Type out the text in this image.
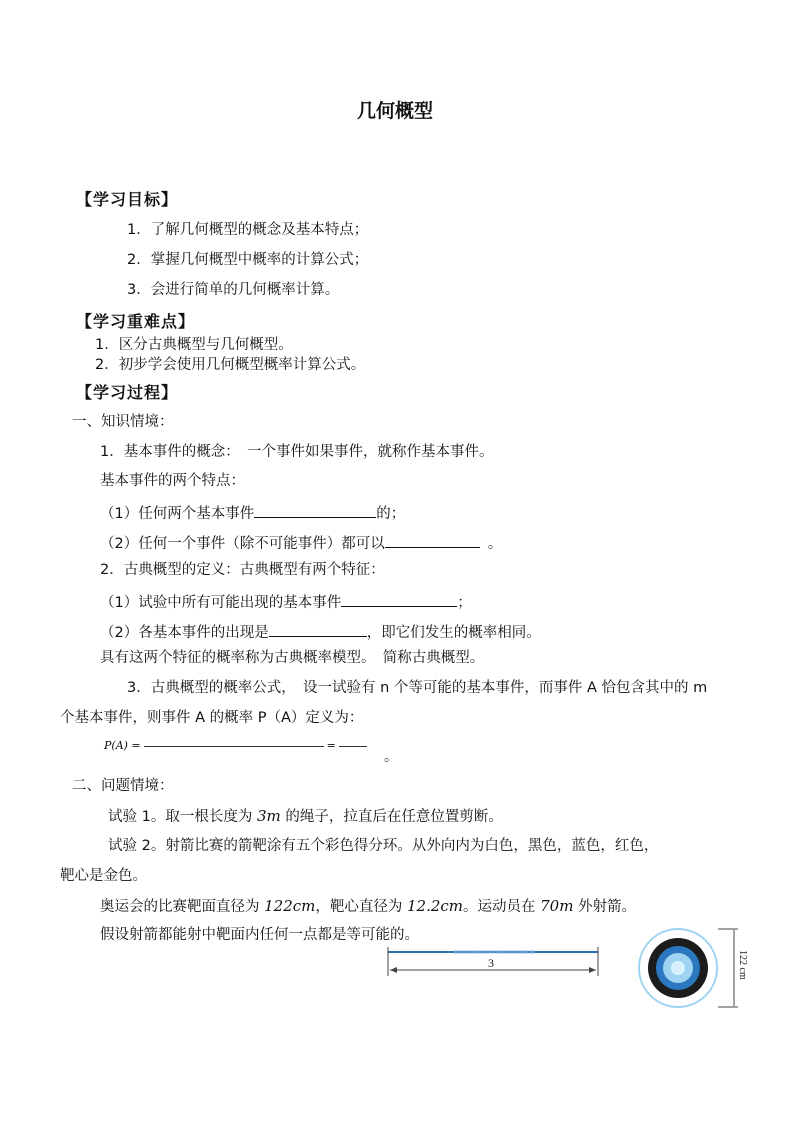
几何概型
【学习目标】
1．了解几何概型的概念及基本特点；
2．掌握几何概型中概率的计算公式；
3．会进行简单的几何概率计算。
【学习重难点】
1．区分古典概型与几何概型。
2．初步学会使用几何概型概率计算公式。
【学习过程】
一、知识情境：
1．基本事件的概念：　一个事件如果事件，就称作基本事件。
基本事件的两个特点：
（1）任何两个基本事件	的；
（2）任何一个事件（除不可能事件）都可以	。
2．古典概型的定义：古典概型有两个特征：
（1）试验中所有可能出现的基本事件	；
（2）各基本事件的出现是	，即它们发生的概率相同。
具有这两个特征的概率称为古典概率模型。　简称古典概型。
3．古典概型的概率公式，　设一试验有 n 个等可能的基本事件，而事件 A 恰包含其中的 m
个基本事件，则事件 A 的概率 P（A）定义为：
P(A) =	=
。
二、问题情境：
试验 1。取一根长度为 3m 的绳子，拉直后在任意位置剪断。
试验 2。射箭比赛的箭靶涂有五个彩色得分环。从外向内为白色，黑色，蓝色，红色，
靶心是金色。
奥运会的比赛靶面直径为 122cm，靶心直径为 12.2cm。运动员在 70m 外射箭。
假设射箭都能射中靶面内任何一点都是等可能的。
3	122 cm
